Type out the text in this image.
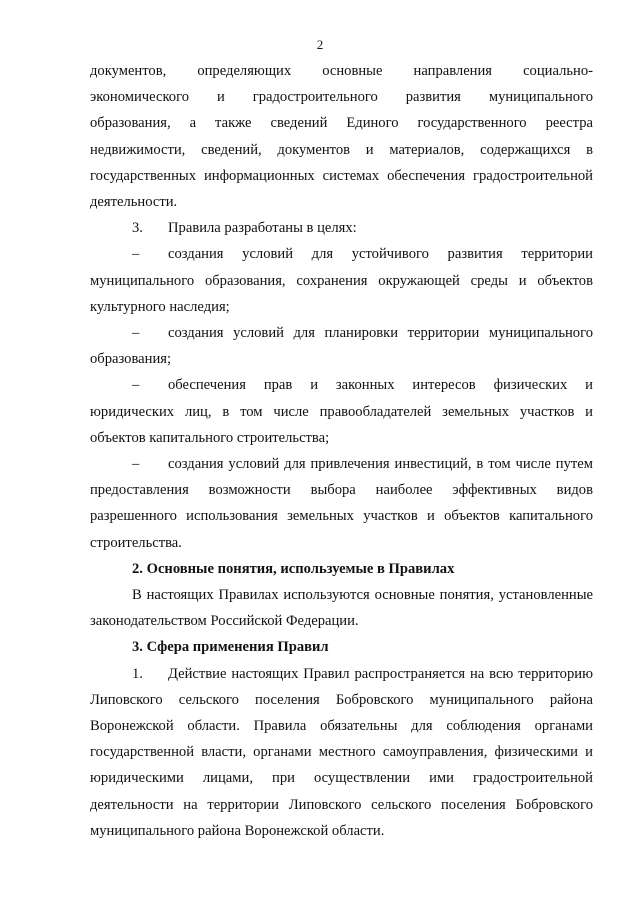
2

документов, определяющих основные направления социально-

экономического и градостроительного развития муниципального

образования, а также сведений Единого государственного реестра

недвижимости, сведений, документов и материалов, содержащихся в

государственных информационных системах обеспечения градостроительной

деятельности.

3. Правила разработаны в целях:

– создания условий для устойчивого развития территории муниципального образования, сохранения окружающей среды и объектов культурного наследия;

– создания условий для планировки территории муниципального образования;

– обеспечения прав и законных интересов физических и юридических лиц, в том числе правообладателей земельных участков и объектов капитального строительства;

– создания условий для привлечения инвестиций, в том числе путем предоставления возможности выбора наиболее эффективных видов разрешенного использования земельных участков и объектов капитального строительства.

2. Основные понятия, используемые в Правилах

В настоящих Правилах используются основные понятия, установленные законодательством Российской Федерации.

3. Сфера применения Правил

1. Действие настоящих Правил распространяется на всю территорию Липовского сельского поселения Бобровского муниципального района Воронежской области. Правила обязательны для соблюдения органами государственной власти, органами местного самоуправления, физическими и юридическими лицами, при осуществлении ими градостроительной деятельности на территории Липовского сельского поселения Бобровского муниципального района Воронежской области.
